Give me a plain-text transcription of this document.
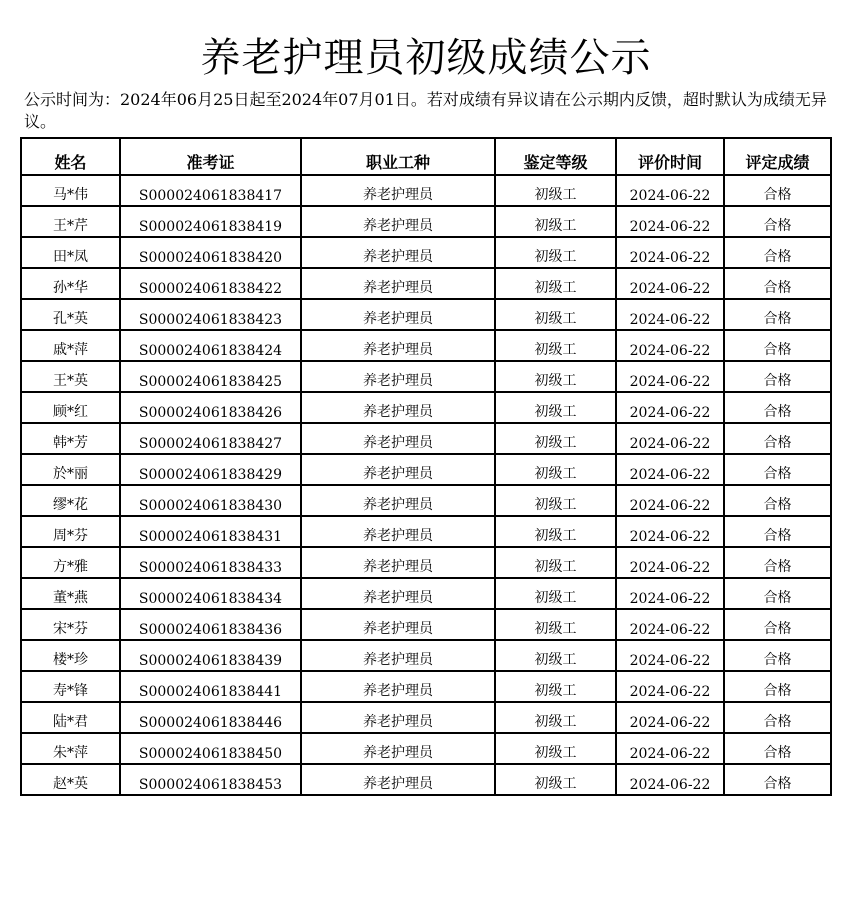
养老护理员初级成绩公示
公示时间为：2024年06月25日起至2024年07月01日。若对成绩有异议请在公示期内反馈，超时默认为成绩无异议。
姓名	准考证	职业工种	鉴定等级	评价时间	评定成绩
马*伟	S000024061838417	养老护理员	初级工	2024-06-22	合格
王*芹	S000024061838419	养老护理员	初级工	2024-06-22	合格
田*凤	S000024061838420	养老护理员	初级工	2024-06-22	合格
孙*华	S000024061838422	养老护理员	初级工	2024-06-22	合格
孔*英	S000024061838423	养老护理员	初级工	2024-06-22	合格
戚*萍	S000024061838424	养老护理员	初级工	2024-06-22	合格
王*英	S000024061838425	养老护理员	初级工	2024-06-22	合格
顾*红	S000024061838426	养老护理员	初级工	2024-06-22	合格
韩*芳	S000024061838427	养老护理员	初级工	2024-06-22	合格
於*丽	S000024061838429	养老护理员	初级工	2024-06-22	合格
缪*花	S000024061838430	养老护理员	初级工	2024-06-22	合格
周*芬	S000024061838431	养老护理员	初级工	2024-06-22	合格
方*雅	S000024061838433	养老护理员	初级工	2024-06-22	合格
董*燕	S000024061838434	养老护理员	初级工	2024-06-22	合格
宋*芬	S000024061838436	养老护理员	初级工	2024-06-22	合格
楼*珍	S000024061838439	养老护理员	初级工	2024-06-22	合格
寿*锋	S000024061838441	养老护理员	初级工	2024-06-22	合格
陆*君	S000024061838446	养老护理员	初级工	2024-06-22	合格
朱*萍	S000024061838450	养老护理员	初级工	2024-06-22	合格
赵*英	S000024061838453	养老护理员	初级工	2024-06-22	合格
